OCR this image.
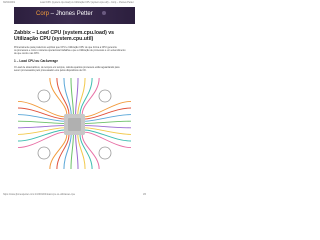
30/04/2019	Load CPU (system.cpu.load) vs Utilização CPU (system.cpu.util) – Corp – Jhones Petter
Corp – Jhones Petter
Zabbix – Load CPU (system.cpu.load) vs Utilização CPU (system.cpu.util)
Primeiramente para podermos explicar que CPU e Utilização CPU de que forma a CPU gerencia
os processos e como o sistema operacional trabalha e que a Utilização de processos é um entendimento
de que ocorre nas CPU.
1 – Load CPU ou CarAverage
O Load de sistema/linux, de tempos em tempos, calcula quantos processos estão aguardando para
serem processados pelo processador e/ou pelos dispositivos de I/O.
https://www.jhonespetter.com.br/2019/04/load-cpu-vs-utilizacao-cpu/	1/5
